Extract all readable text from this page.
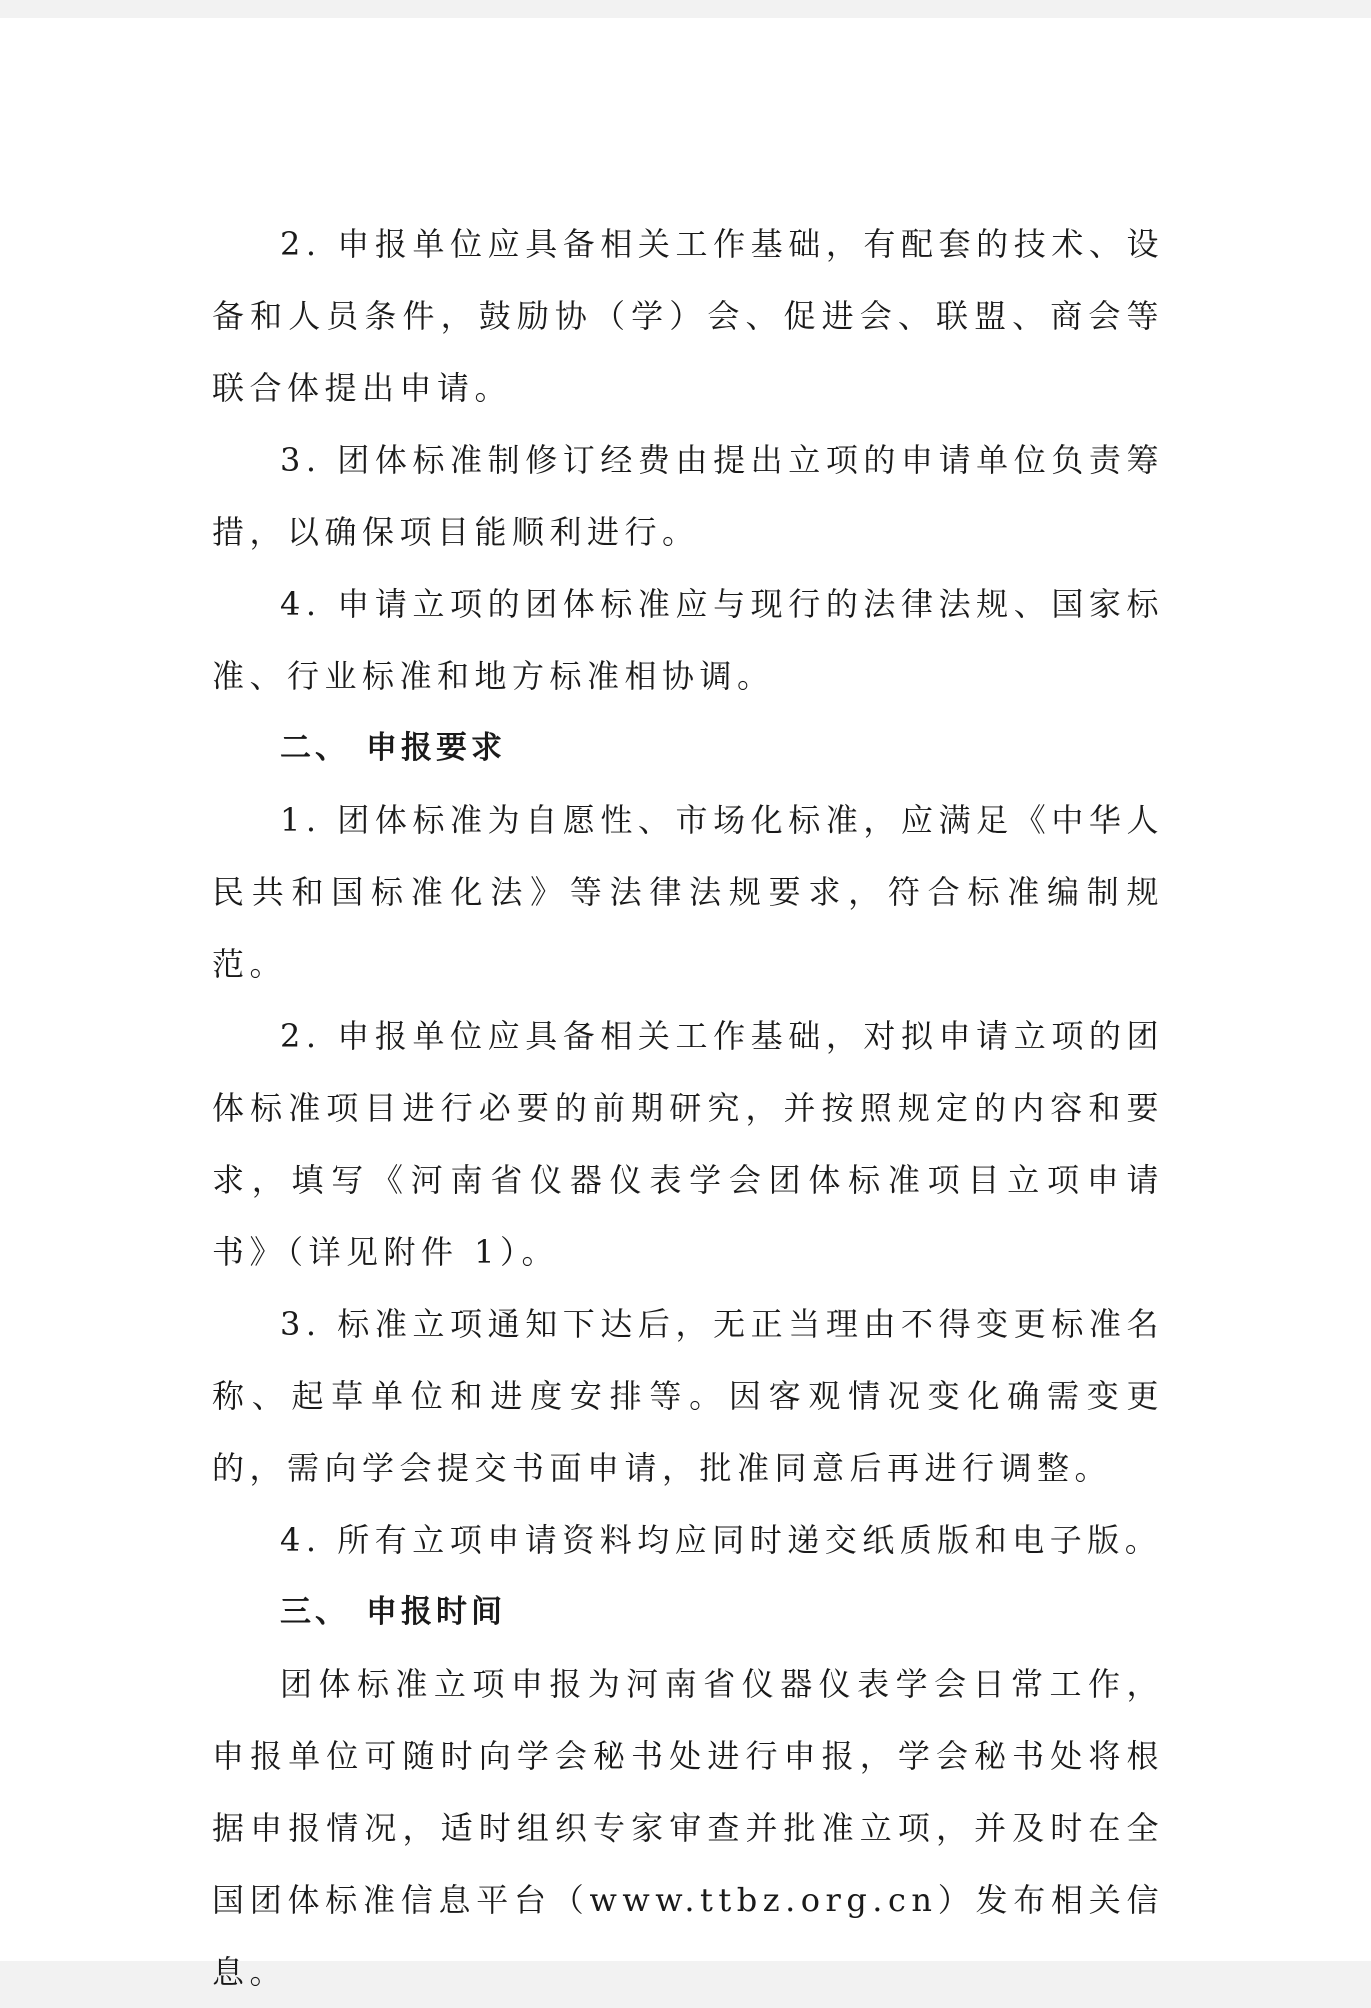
2. 申报单位应具备相关工作基础，有配套的技术、设备和人员条件，鼓励协（学）会、促进会、联盟、商会等联合体提出申请。

3. 团体标准制修订经费由提出立项的申请单位负责筹措，以确保项目能顺利进行。

4. 申请立项的团体标准应与现行的法律法规、国家标准、行业标准和地方标准相协调。

二、 申报要求

1. 团体标准为自愿性、市场化标准，应满足《中华人民共和国标准化法》等法律法规要求，符合标准编制规范。

2. 申报单位应具备相关工作基础，对拟申请立项的团体标准项目进行必要的前期研究，并按照规定的内容和要求，填写《河南省仪器仪表学会团体标准项目立项申请书》（详见附件 1）。

3. 标准立项通知下达后，无正当理由不得变更标准名称、起草单位和进度安排等。因客观情况变化确需变更的，需向学会提交书面申请，批准同意后再进行调整。

4. 所有立项申请资料均应同时递交纸质版和电子版。

三、 申报时间

团体标准立项申报为河南省仪器仪表学会日常工作，申报单位可随时向学会秘书处进行申报，学会秘书处将根据申报情况，适时组织专家审查并批准立项，并及时在全国团体标准信息平台（www.ttbz.org.cn）发布相关信息。
